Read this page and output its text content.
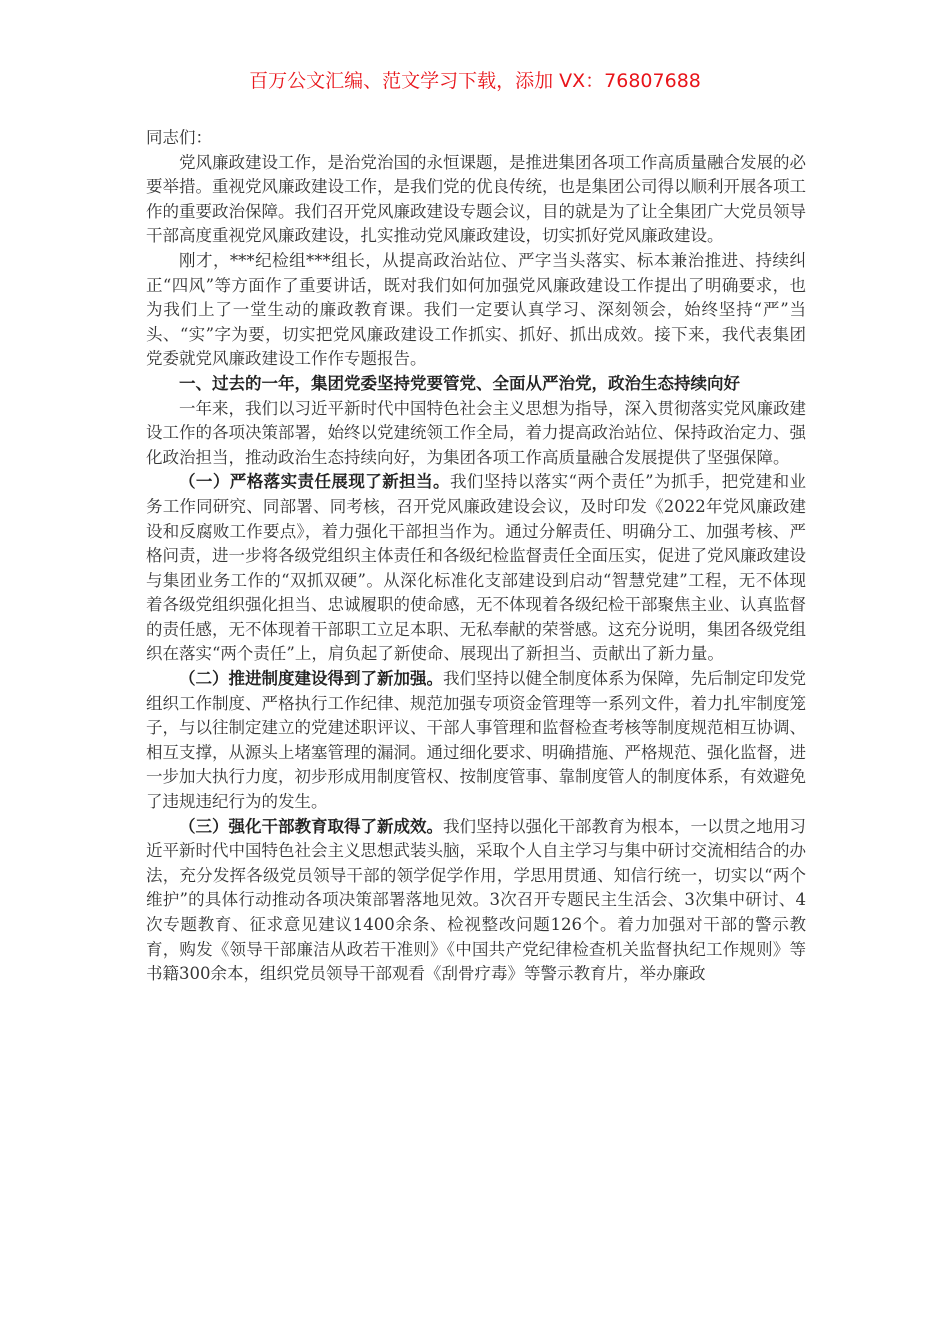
百万公文汇编、范文学习下载，添加 VX：76807688

同志们：

党风廉政建设工作，是治党治国的永恒课题，是推进集团各项工作高质量融合发展的必要举措。重视党风廉政建设工作，是我们党的优良传统，也是集团公司得以顺利开展各项工作的重要政治保障。我们召开党风廉政建设专题会议，目的就是为了让全集团广大党员领导干部高度重视党风廉政建设，扎实推动党风廉政建设，切实抓好党风廉政建设。

刚才，***纪检组***组长，从提高政治站位、严字当头落实、标本兼治推进、持续纠正“四风”等方面作了重要讲话，既对我们如何加强党风廉政建设工作提出了明确要求，也为我们上了一堂生动的廉政教育课。我们一定要认真学习、深刻领会，始终坚持“严”当头、“实”字为要，切实把党风廉政建设工作抓实、抓好、抓出成效。接下来，我代表集团党委就党风廉政建设工作作专题报告。

一、过去的一年，集团党委坚持党要管党、全面从严治党，政治生态持续向好

一年来，我们以习近平新时代中国特色社会主义思想为指导，深入贯彻落实党风廉政建设工作的各项决策部署，始终以党建统领工作全局，着力提高政治站位、保持政治定力、强化政治担当，推动政治生态持续向好，为集团各项工作高质量融合发展提供了坚强保障。

（一）严格落实责任展现了新担当。我们坚持以落实“两个责任”为抓手，把党建和业务工作同研究、同部署、同考核，召开党风廉政建设会议，及时印发《2022年党风廉政建设和反腐败工作要点》，着力强化干部担当作为。通过分解责任、明确分工、加强考核、严格问责，进一步将各级党组织主体责任和各级纪检监督责任全面压实，促进了党风廉政建设与集团业务工作的“双抓双硬”。从深化标准化支部建设到启动“智慧党建”工程，无不体现着各级党组织强化担当、忠诚履职的使命感，无不体现着各级纪检干部聚焦主业、认真监督的责任感，无不体现着干部职工立足本职、无私奉献的荣誉感。这充分说明，集团各级党组织在落实“两个责任”上，肩负起了新使命、展现出了新担当、贡献出了新力量。

（二）推进制度建设得到了新加强。我们坚持以健全制度体系为保障，先后制定印发党组织工作制度、严格执行工作纪律、规范加强专项资金管理等一系列文件，着力扎牢制度笼子，与以往制定建立的党建述职评议、干部人事管理和监督检查考核等制度规范相互协调、相互支撑，从源头上堵塞管理的漏洞。通过细化要求、明确措施、严格规范、强化监督，进一步加大执行力度，初步形成用制度管权、按制度管事、靠制度管人的制度体系，有效避免了违规违纪行为的发生。

（三）强化干部教育取得了新成效。我们坚持以强化干部教育为根本，一以贯之地用习近平新时代中国特色社会主义思想武装头脑，采取个人自主学习与集中研讨交流相结合的办法，充分发挥各级党员领导干部的领学促学作用，学思用贯通、知信行统一，切实以“两个维护”的具体行动推动各项决策部署落地见效。3次召开专题民主生活会、3次集中研讨、4次专题教育、征求意见建议1400余条、检视整改问题126个。着力加强对干部的警示教育，购发《领导干部廉洁从政若干准则》《中国共产党纪律检查机关监督执纪工作规则》等书籍300余本，组织党员领导干部观看《刮骨疗毒》等警示教育片，举办廉政
